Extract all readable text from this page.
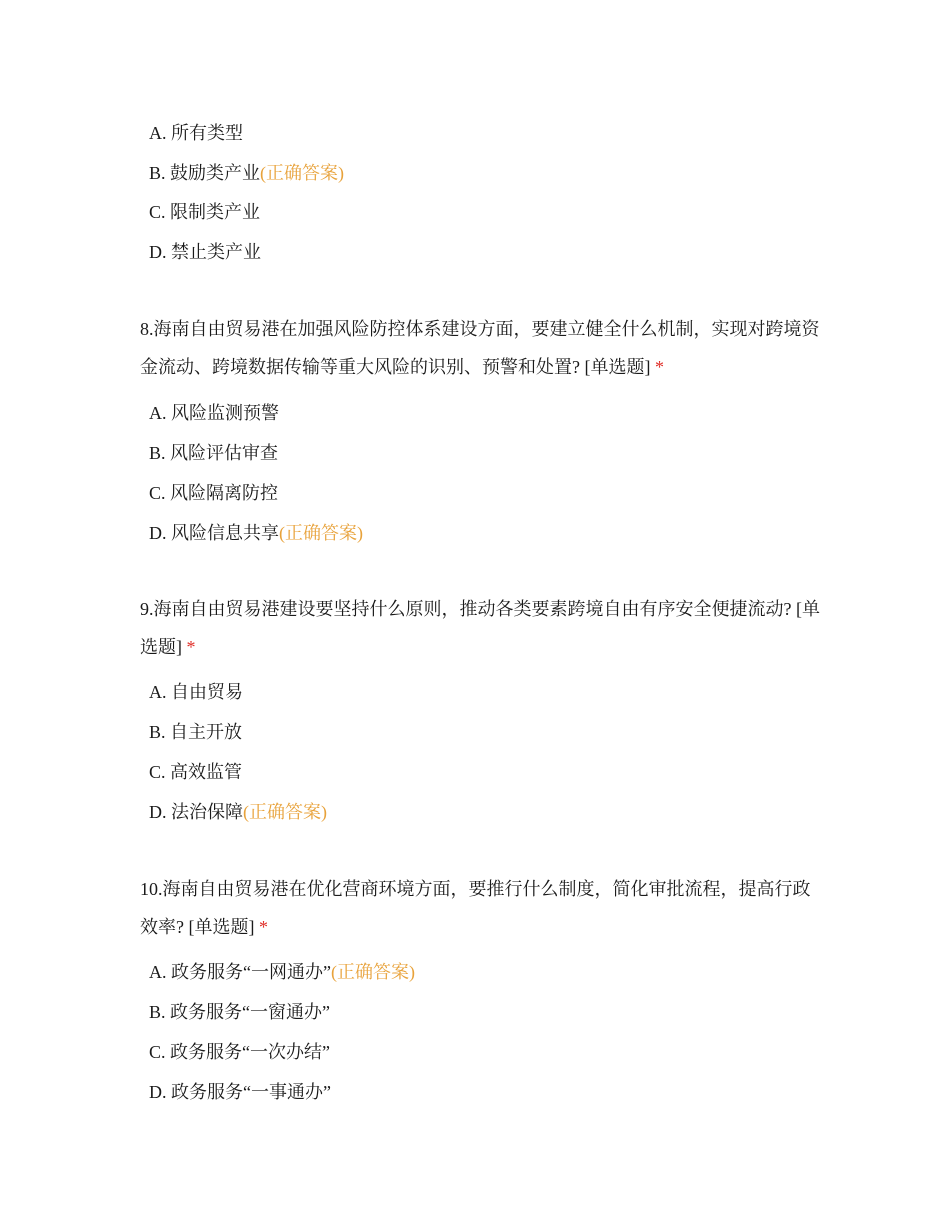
A. 所有类型
B. 鼓励类产业(正确答案)
C. 限制类产业
D. 禁止类产业
8.海南自由贸易港在加强风险防控体系建设方面，要建立健全什么机制，实现对跨境资金流动、跨境数据传输等重大风险的识别、预警和处置? [单选题] *
A. 风险监测预警
B. 风险评估审查
C. 风险隔离防控
D. 风险信息共享(正确答案)
9.海南自由贸易港建设要坚持什么原则，推动各类要素跨境自由有序安全便捷流动? [单选题] *
A. 自由贸易
B. 自主开放
C. 高效监管
D. 法治保障(正确答案)
10.海南自由贸易港在优化营商环境方面，要推行什么制度，简化审批流程，提高行政效率? [单选题] *
A. 政务服务“一网通办”(正确答案)
B. 政务服务“一窗通办”
C. 政务服务“一次办结”
D. 政务服务“一事通办”
